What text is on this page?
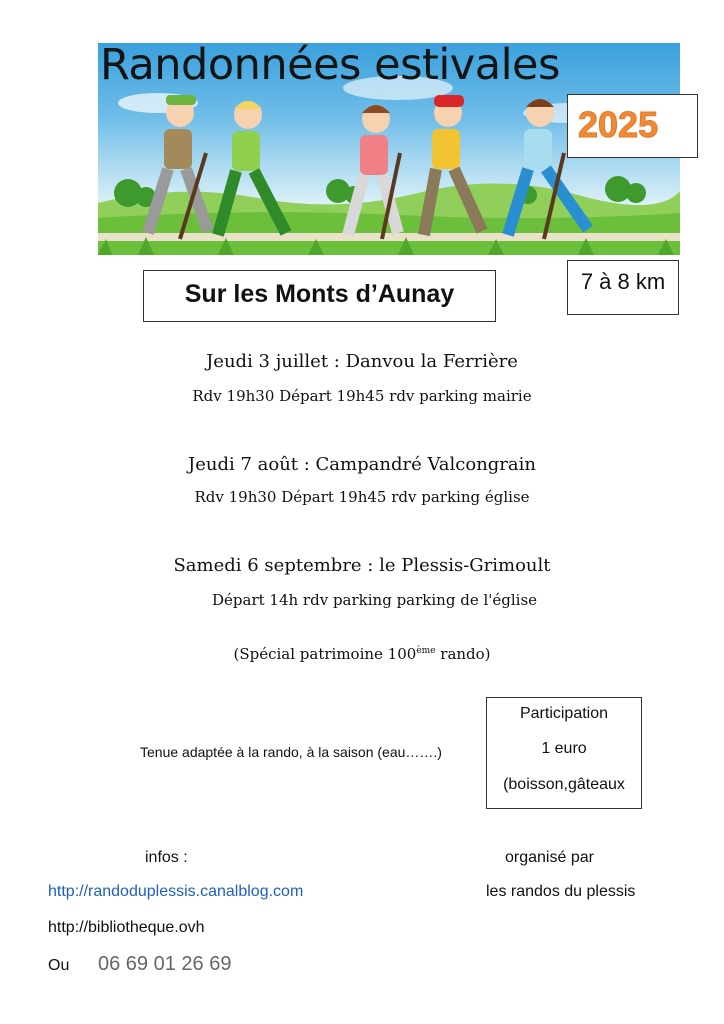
Randonnées estivales
2025
Sur les Monts d’Aunay	7 à 8 km
Jeudi 3 juillet : Danvou la Ferrière
Rdv 19h30 Départ 19h45 rdv parking mairie
Jeudi 7 août : Campandré Valcongrain
Rdv 19h30 Départ 19h45 rdv parking église
Samedi 6 septembre : le Plessis-Grimoult
Départ 14h rdv parking parking de l'église
(Spécial patrimoine 100ème rando)
Tenue adaptée à la rando, à la saison (eau…….)
Participation
1 euro
(boisson,gâteaux
infos :	organisé par
http://randoduplessis.canalblog.com	les randos du plessis
http://bibliotheque.ovh
Ou 06 69 01 26 69
